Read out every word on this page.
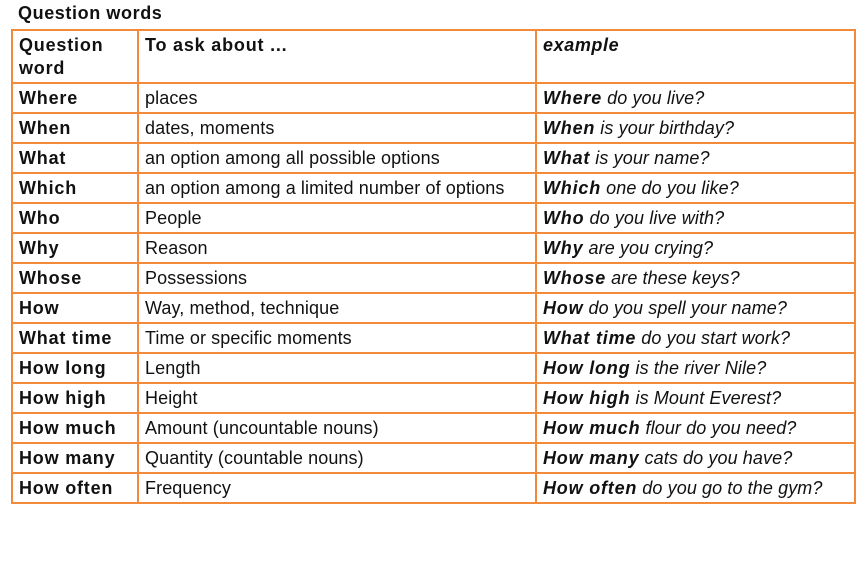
Question words
Question word	To ask about ...	example
Where	places	Where do you live?
When	dates, moments	When is your birthday?
What	an option among all possible options	What is your name?
Which	an option among a limited number of options	Which one do you like?
Who	People	Who do you live with?
Why	Reason	Why are you crying?
Whose	Possessions	Whose are these keys?
How	Way, method, technique	How do you spell your name?
What time	Time or specific moments	What time do you start work?
How long	Length	How long is the river Nile?
How high	Height	How high is Mount Everest?
How much	Amount (uncountable nouns)	How much flour do you need?
How many	Quantity (countable nouns)	How many cats do you have?
How often	Frequency	How often do you go to the gym?
